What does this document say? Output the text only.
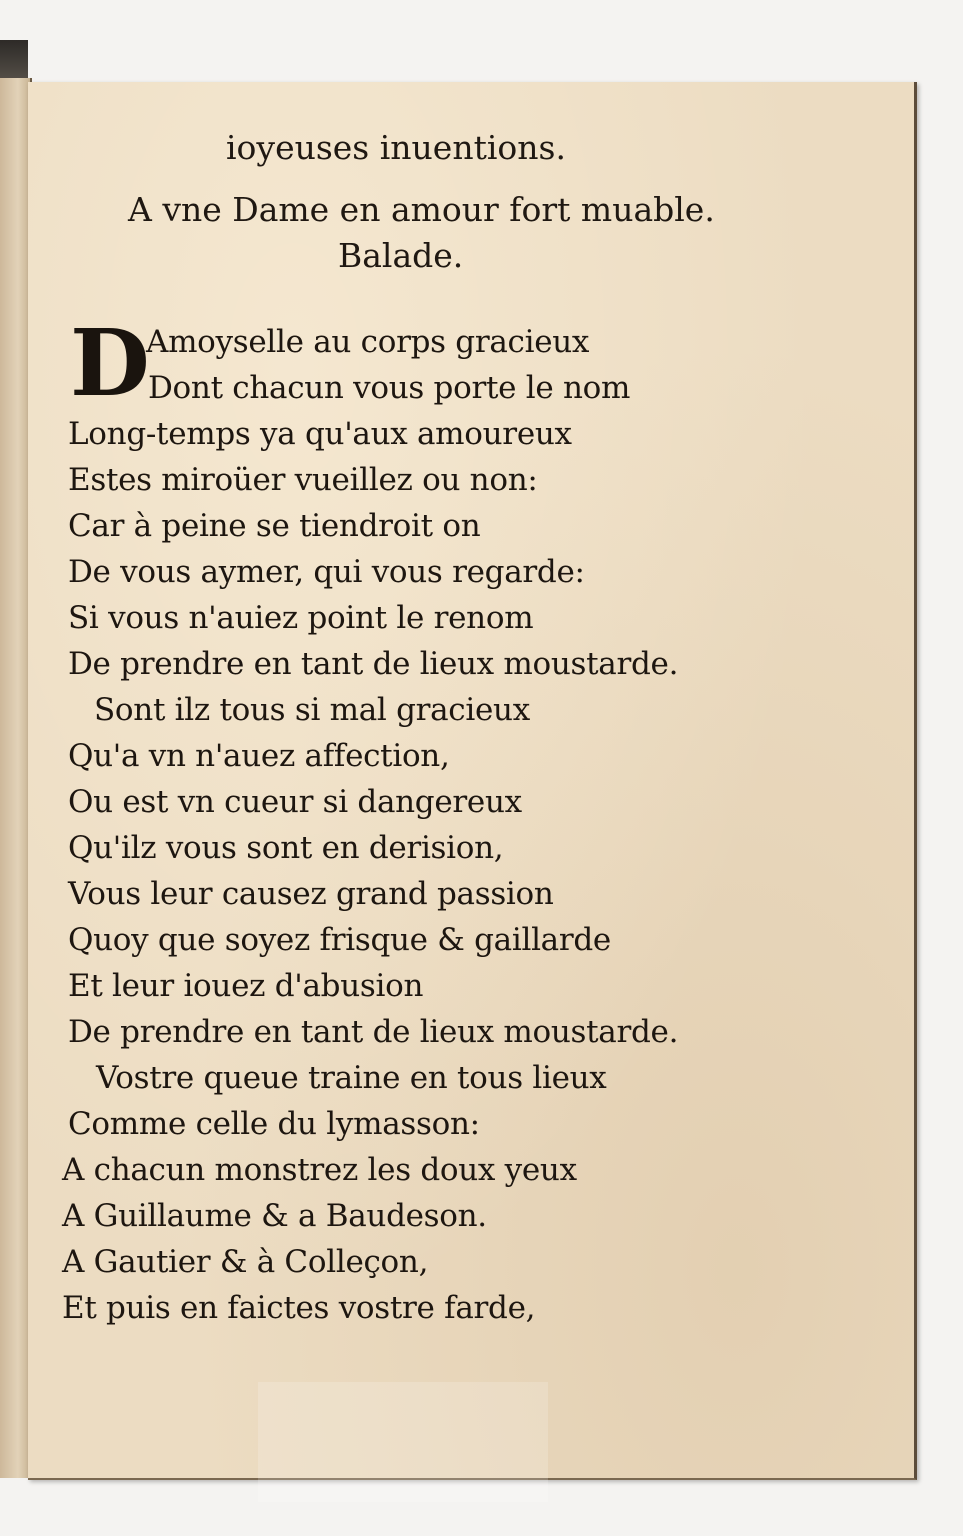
ioyeuses inuentions.
A vne Dame en amour fort muable.
Balade.
D
Amoyselle au corps gracieux
Dont chacun vous porte le nom
Long-temps ya qu'aux amoureux
Estes miroüer vueillez ou non:
Car à peine se tiendroit on
De vous aymer, qui vous regarde:
Si vous n'auiez point le renom
De prendre en tant de lieux moustarde.
Sont ilz tous si mal gracieux
Qu'a vn n'auez affection,
Ou est vn cueur si dangereux
Qu'ilz vous sont en derision,
Vous leur causez grand passion
Quoy que soyez frisque & gaillarde
Et leur iouez d'abusion
De prendre en tant de lieux moustarde.
Vostre queue traine en tous lieux
Comme celle du lymasson:
A chacun monstrez les doux yeux
A Guillaume & a Baudeson.
A Gautier & à Colleçon,
Et puis en faictes vostre farde,
